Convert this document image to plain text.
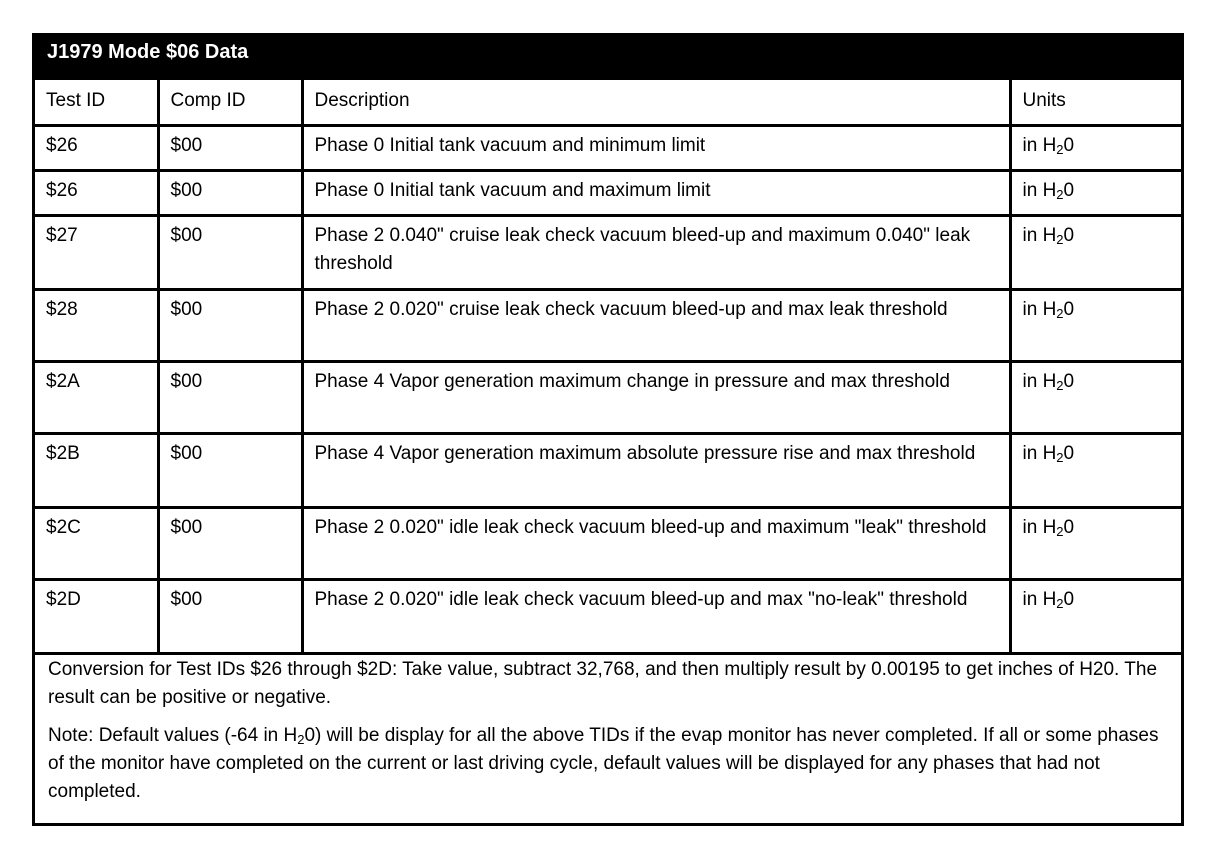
J1979 Mode $06 Data
Test ID	Comp ID	Description	Units
$26	$00	Phase 0 Initial tank vacuum and minimum limit	in $H_20$
$26	$00	Phase 0 Initial tank vacuum and maximum limit	in $H_20$
$27	$00	Phase 2 0.040" cruise leak check vacuum bleed-up and maximum 0.040" leak threshold	in $H_20$
$28	$00	Phase 2 0.020" cruise leak check vacuum bleed-up and max leak threshold	in $H_20$
$2A	$00	Phase 4 Vapor generation maximum change in pressure and max threshold	in $H_20$
$2B	$00	Phase 4 Vapor generation maximum absolute pressure rise and max threshold	in $H_20$
$2C	$00	Phase 2 0.020" idle leak check vacuum bleed-up and maximum "leak" threshold	in $H_20$
$2D	$00	Phase 2 0.020" idle leak check vacuum bleed-up and max "no-leak" threshold	in $H_20$

Conversion for Test IDs $26 through $2D: Take value, subtract 32,768, and then multiply result by 0.00195 to get inches of H20. The result can be positive or negative.

Note: Default values (-64 in $H_20$) will be display for all the above TIDs if the evap monitor has never completed. If all or some phases of the monitor have completed on the current or last driving cycle, default values will be displayed for any phases that had not completed.
